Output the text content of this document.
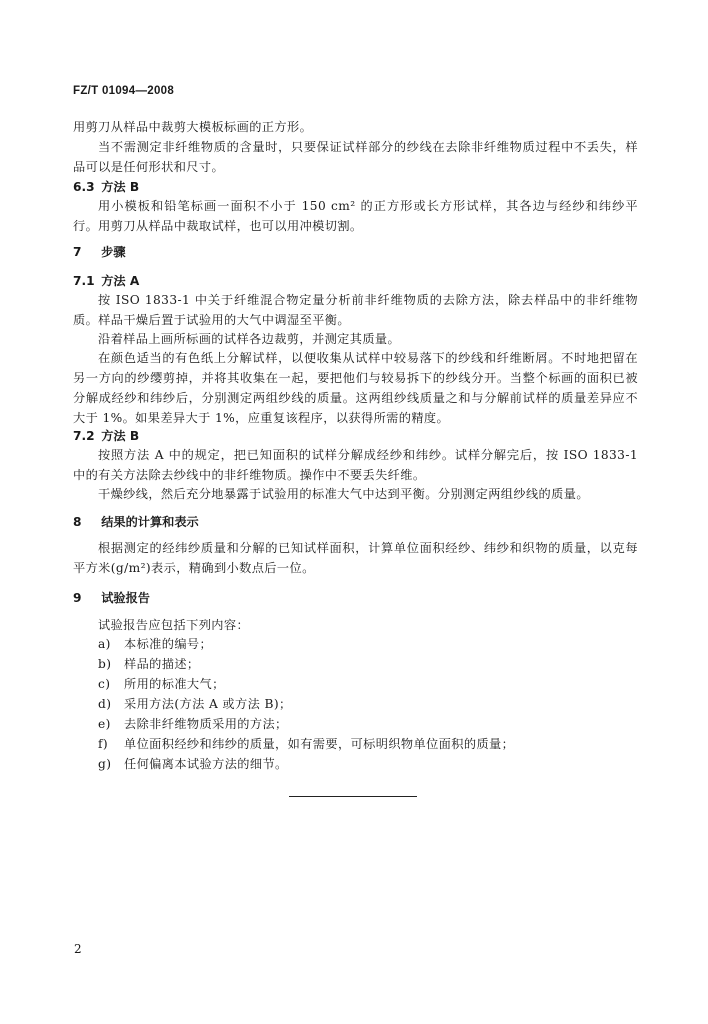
FZ/T 01094—2008
用剪刀从样品中裁剪大模板标画的正方形。
当不需测定非纤维物质的含量时，只要保证试样部分的纱线在去除非纤维物质过程中不丢失，样品可以是任何形状和尺寸。
6.3 方法 B
用小模板和铅笔标画一面积不小于 150 cm² 的正方形或长方形试样，其各边与经纱和纬纱平行。用剪刀从样品中裁取试样，也可以用冲模切割。
7 步骤
7.1 方法 A
按 ISO 1833-1 中关于纤维混合物定量分析前非纤维物质的去除方法，除去样品中的非纤维物质。样品干燥后置于试验用的大气中调湿至平衡。
沿着样品上画所标画的试样各边裁剪，并测定其质量。
在颜色适当的有色纸上分解试样，以便收集从试样中较易落下的纱线和纤维断屑。不时地把留在另一方向的纱缨剪掉，并将其收集在一起，要把他们与较易拆下的纱线分开。当整个标画的面积已被分解成经纱和纬纱后，分别测定两组纱线的质量。这两组纱线质量之和与分解前试样的质量差异应不大于 1%。如果差异大于 1%，应重复该程序，以获得所需的精度。
7.2 方法 B
按照方法 A 中的规定，把已知面积的试样分解成经纱和纬纱。试样分解完后，按 ISO 1833-1 中的有关方法除去纱线中的非纤维物质。操作中不要丢失纤维。
干燥纱线，然后充分地暴露于试验用的标准大气中达到平衡。分别测定两组纱线的质量。
8 结果的计算和表示
根据测定的经纬纱质量和分解的已知试样面积，计算单位面积经纱、纬纱和织物的质量，以克每平方米(g/m²)表示，精确到小数点后一位。
9 试验报告
试验报告应包括下列内容：
a) 本标准的编号；
b) 样品的描述；
c) 所用的标准大气；
d) 采用方法(方法 A 或方法 B)；
e) 去除非纤维物质采用的方法；
f) 单位面积经纱和纬纱的质量，如有需要，可标明织物单位面积的质量；
g) 任何偏离本试验方法的细节。
2
